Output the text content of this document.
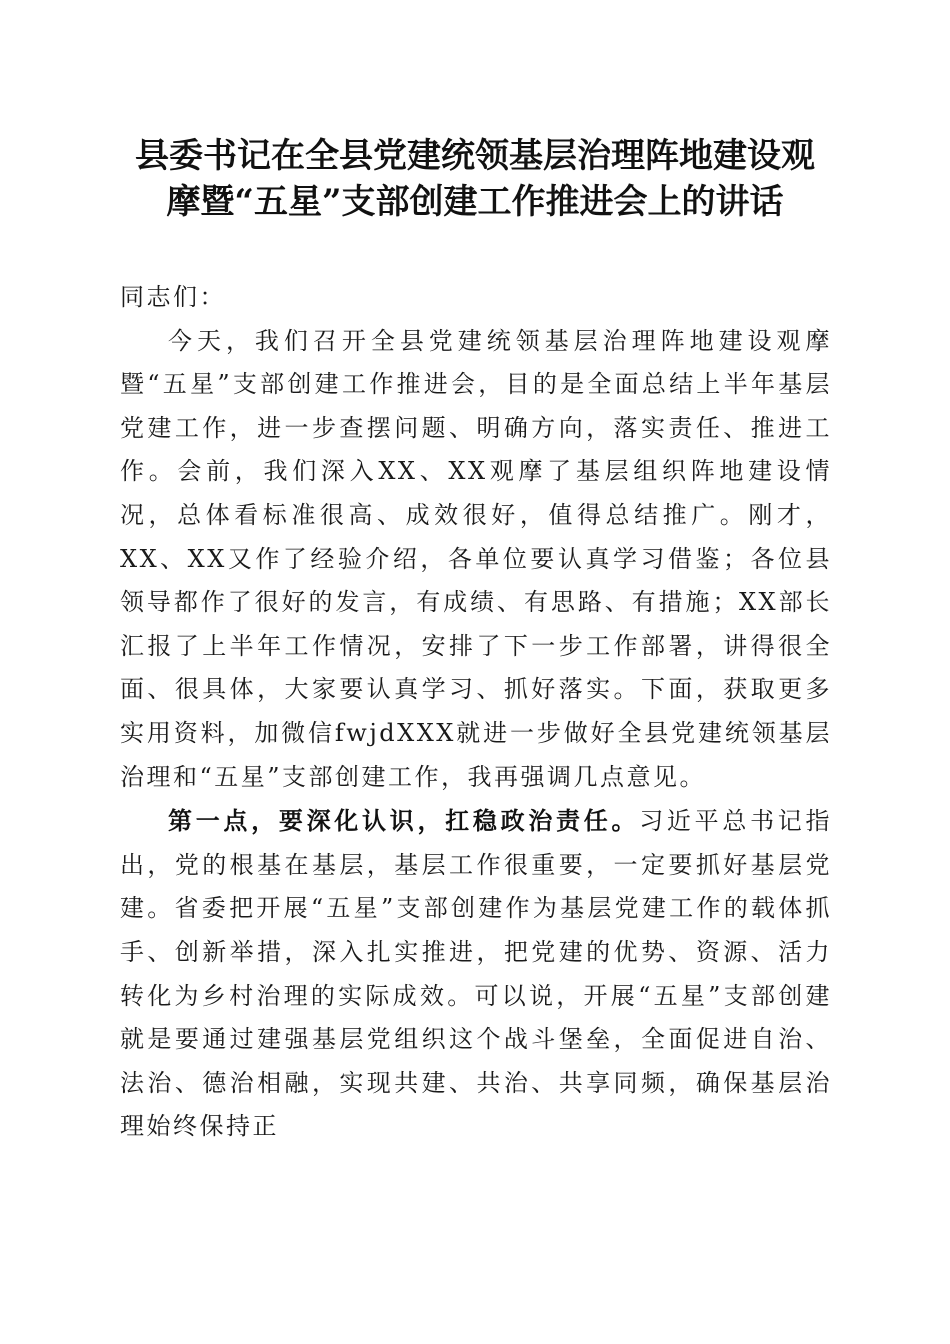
县委书记在全县党建统领基层治理阵地建设观
摩暨“五星”支部创建工作推进会上的讲话

同志们：

今天，我们召开全县党建统领基层治理阵地建设观摩暨“五星”支部创建工作推进会，目的是全面总结上半年基层党建工作，进一步查摆问题、明确方向，落实责任、推进工作。会前，我们深入XX、XX观摩了基层组织阵地建设情况，总体看标准很高、成效很好，值得总结推广。刚才，XX、XX又作了经验介绍，各单位要认真学习借鉴；各位县领导都作了很好的发言，有成绩、有思路、有措施；XX部长汇报了上半年工作情况，安排了下一步工作部署，讲得很全面、很具体，大家要认真学习、抓好落实。下面，获取更多实用资料，加微信fwjdXXX就进一步做好全县党建统领基层治理和“五星”支部创建工作，我再强调几点意见。

第一点，要深化认识，扛稳政治责任。习近平总书记指出，党的根基在基层，基层工作很重要，一定要抓好基层党建。省委把开展“五星”支部创建作为基层党建工作的载体抓手、创新举措，深入扎实推进，把党建的优势、资源、活力转化为乡村治理的实际成效。可以说，开展“五星”支部创建就是要通过建强基层党组织这个战斗堡垒，全面促进自治、法治、德治相融，实现共建、共治、共享同频，确保基层治理始终保持正
